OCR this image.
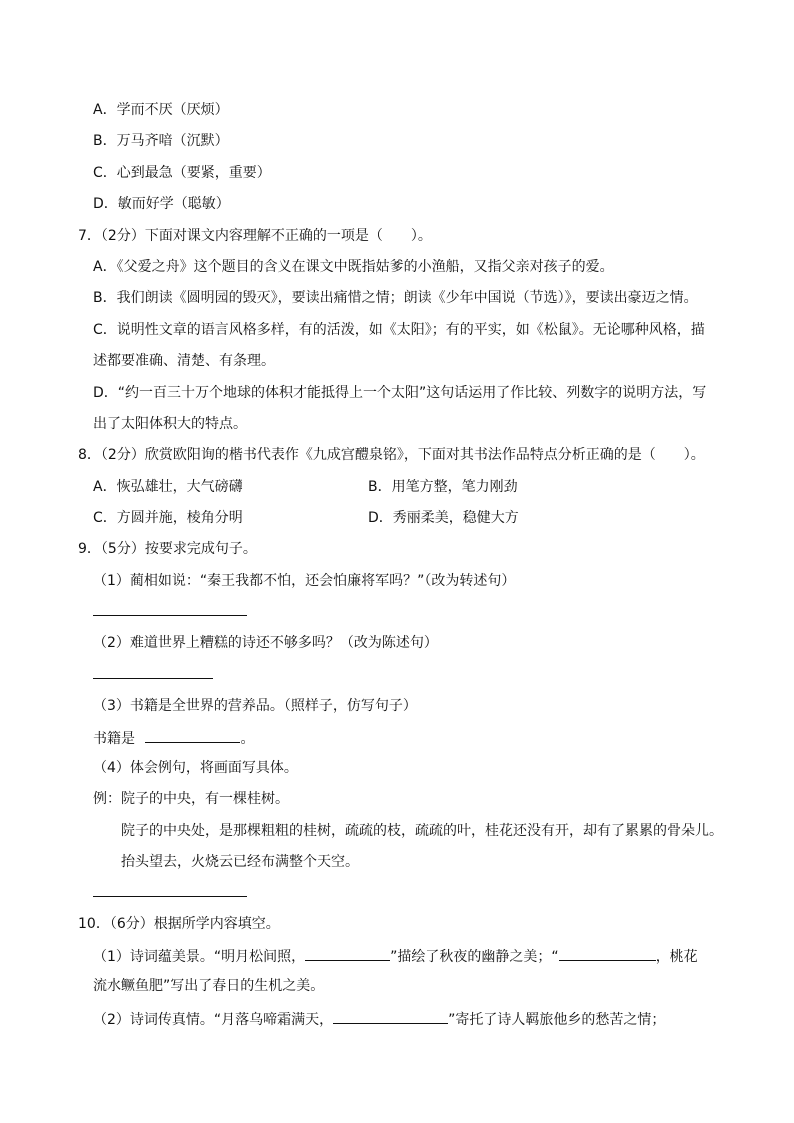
A．学而不厌（厌烦）
B．万马齐喑（沉默）
C．心到最急（要紧，重要）
D．敏而好学（聪敏）
7．（2分）下面对课文内容理解不正确的一项是（　　）。
A．《父爱之舟》这个题目的含义在课文中既指姑爹的小渔船，又指父亲对孩子的爱。
B．我们朗读《圆明园的毁灭》，要读出痛惜之情；朗读《少年中国说（节选）》，要读出豪迈之情。
C．说明性文章的语言风格多样，有的活泼，如《太阳》；有的平实，如《松鼠》。无论哪种风格，描
述都要准确、清楚、有条理。
D．“约一百三十万个地球的体积才能抵得上一个太阳”这句话运用了作比较、列数字的说明方法，写
出了太阳体积大的特点。
8．（2分）欣赏欧阳询的楷书代表作《九成宫醴泉铭》，下面对其书法作品特点分析正确的是（　　）。
A．恢弘雄壮，大气磅礴	B．用笔方整，笔力刚劲
C．方圆并施，棱角分明	D．秀丽柔美，稳健大方
9．（5分）按要求完成句子。
（1）蔺相如说：“秦王我都不怕，还会怕廉将军吗？”（改为转述句）
（2）难道世界上糟糕的诗还不够多吗？（改为陈述句）
（3）书籍是全世界的营养品。（照样子，仿写句子）
书籍是	。
（4）体会例句，将画面写具体。
例：院子的中央，有一棵桂树。
院子的中央处，是那棵粗粗的桂树，疏疏的枝，疏疏的叶，桂花还没有开，却有了累累的骨朵儿。
抬头望去，火烧云已经布满整个天空。
10．（6分）根据所学内容填空。
（1）诗词蕴美景。“明月松间照，	”描绘了秋夜的幽静之美；“	，桃花
流水鳜鱼肥”写出了春日的生机之美。
（2）诗词传真情。“月落乌啼霜满天，	”寄托了诗人羁旅他乡的愁苦之情；
